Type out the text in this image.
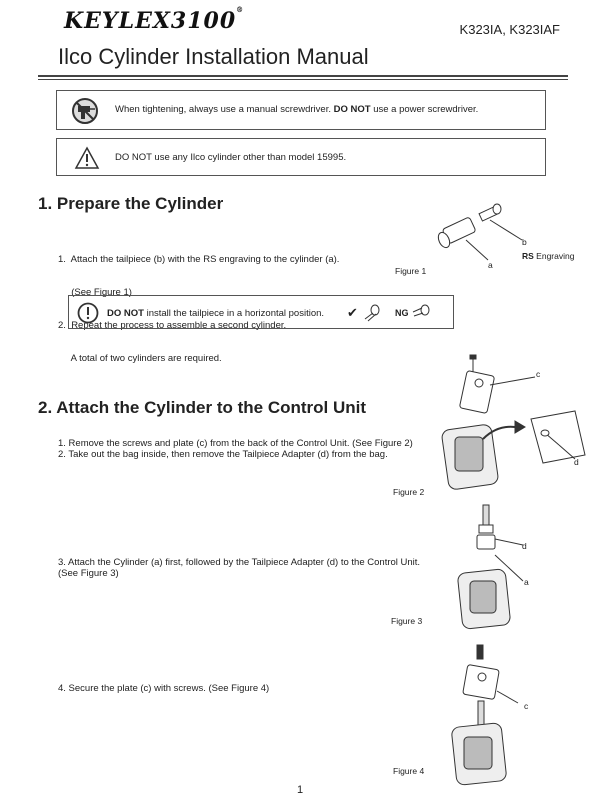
KEYLEX3100®
K323IA, K323IAF
Ilco Cylinder Installation Manual
When tightening, always use a manual screwdriver. DO NOT use a power screwdriver.
DO NOT use any Ilco cylinder other than model 15995.
1. Prepare the Cylinder

1.  Attach the tailpiece (b) with the RS engraving to the cylinder (a).

(See Figure 1)

2.  Repeat the process to assemble a second cylinder.

A total of two cylinders are required.

Figure 1
b
a
RS Engraving
DO NOT install the tailpiece in a horizontal position. ✔	NG
2. Attach the Cylinder to the Control Unit
1. Remove the screws and plate (c) from the back of the Control Unit. (See Figure 2)
2. Take out the bag inside, then remove the Tailpiece Adapter (d) from the bag.
Figure 2
c
d
3. Attach the Cylinder (a) first, followed by the Tailpiece Adapter (d) to the Control Unit.
(See Figure 3)
Figure 3
d
a
4. Secure the plate (c) with screws. (See Figure 4)
Figure 4
c
1
